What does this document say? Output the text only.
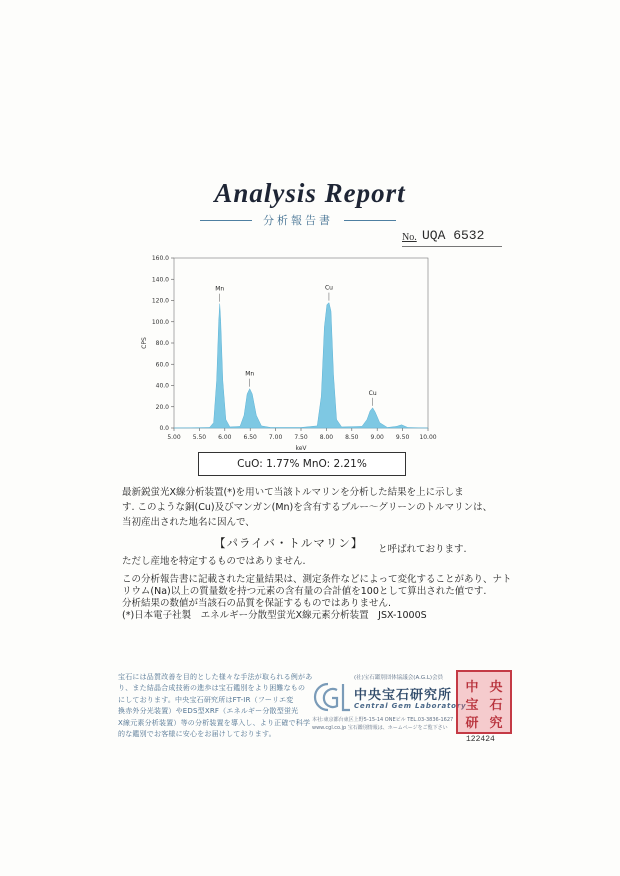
Analysis Report
分析報告書
No. UQA 6532
0.0
20.0
40.0
60.0
80.0
100.0
120.0
140.0
160.0
5.00 5.50 6.00 6.50 7.00 7.50 8.00 8.50 9.00 9.50 10.00
keV
CPS
Mn
Mn
Cu
Cu
CuO: 1.77% MnO: 2.21%
最新鋭蛍光X線分析装置(*)を用いて当該トルマリンを分析した結果を上に示しま
す. このような銅(Cu)及びマンガン(Mn)を含有するブルー～グリーンのトルマリンは、
当初産出された地名に因んで、
【パライバ・トルマリン】 と呼ばれております.
ただし産地を特定するものではありません.
この分析報告書に記載された定量結果は、測定条件などによって変化することがあり、ナト
リウム(Na)以上の質量数を持つ元素の含有量の合計値を100として算出された値です.
分析結果の数値が当該石の品質を保証するものではありません.
(*)日本電子社製　エネルギー分散型蛍光X線元素分析装置　JSX-1000S
宝石には品質改善を目的とした様々な手法が取られる例があ
り、また結晶合成技術の進歩は宝石鑑別をより困難なもの
にしております。中央宝石研究所はFT-IR（フーリエ変
換赤外分光装置）やEDS型XRF（エネルギー分散型蛍光
X線元素分析装置）等の分析装置を導入し、より正確で科学
的な鑑別でお客様に安心をお届けしております。
(社)宝石鑑別団体協議会(A.G.L)会員
中央宝石研究所
Central Gem Laboratory
本社:東京都台東区上野5-15-14 ONEビル TEL.03-3836-1627
www.cgl.co.jp 宝石鑑別情報は、ホームページをご覧下さい
中 央
宝 石
研 究
122424
